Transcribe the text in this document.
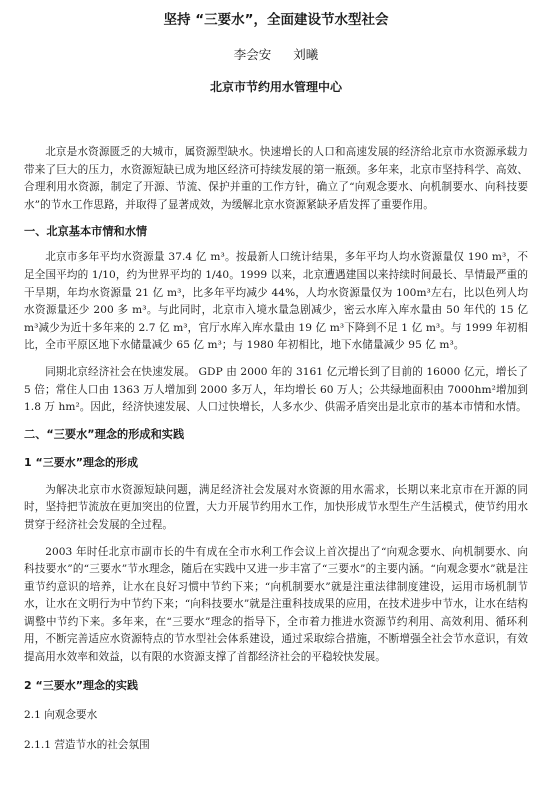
坚持 “三要水”，全面建设节水型社会
李会安 刘曦
北京市节约用水管理中心

北京是水资源匮乏的大城市，属资源型缺水。快速增长的人口和高速发展的经济给北京市水资源承载力带来了巨大的压力，水资源短缺已成为地区经济可持续发展的第一瓶颈。多年来，北京市坚持科学、高效、合理利用水资源，制定了开源、节流、保护并重的工作方针，确立了“向观念要水、向机制要水、向科技要水”的节水工作思路，并取得了显著成效，为缓解北京水资源紧缺矛盾发挥了重要作用。

一、北京基本市情和水情

北京市多年平均水资源量 37.4 亿 m³。按最新人口统计结果，多年平均人均水资源量仅 190 m³，不足全国平均的 1/10，约为世界平均的 1/40。1999 以来，北京遭遇建国以来持续时间最长、旱情最严重的干旱期，年均水资源量 21 亿 m³，比多年平均减少 44%，人均水资源量仅为 100m³左右，比以色列人均水资源量还少 200 多 m³。与此同时，北京市入境水量急剧减少，密云水库入库水量由 50 年代的 15 亿 m³减少为近十多年来的 2.7 亿 m³，官厅水库入库水量由 19 亿 m³下降到不足 1 亿 m³。与 1999 年初相比，全市平原区地下水储量减少 65 亿 m³；与 1980 年初相比，地下水储量减少 95 亿 m³。

同期北京经济社会在快速发展。 GDP 由 2000 年的 3161 亿元增长到了目前的 16000 亿元，增长了 5 倍；常住人口由 1363 万人增加到 2000 多万人，年均增长 60 万人；公共绿地面积由 7000hm²增加到 1.8 万 hm²。因此，经济快速发展、人口过快增长，人多水少、供需矛盾突出是北京市的基本市情和水情。

二、“三要水”理念的形成和实践
1 “三要水”理念的形成

为解决北京市水资源短缺问题，满足经济社会发展对水资源的用水需求，长期以来北京市在开源的同时，坚持把节流放在更加突出的位置，大力开展节约用水工作，加快形成节水型生产生活模式，使节约用水贯穿于经济社会发展的全过程。

2003 年时任北京市副市长的牛有成在全市水利工作会议上首次提出了“向观念要水、向机制要水、向科技要水”的“三要水”节水理念，随后在实践中又进一步丰富了“三要水”的主要内涵。“向观念要水”就是注重节约意识的培养，让水在良好习惯中节约下来；“向机制要水”就是注重法律制度建设，运用市场机制节水，让水在文明行为中节约下来；“向科技要水”就是注重科技成果的应用，在技术进步中节水，让水在结构调整中节约下来。多年来，在“三要水”理念的指导下，全市着力推进水资源节约利用、高效利用、循环利用，不断完善适应水资源特点的节水型社会体系建设，通过采取综合措施，不断增强全社会节水意识，有效提高用水效率和效益，以有限的水资源支撑了首都经济社会的平稳较快发展。

2 “三要水”理念的实践
2.1 向观念要水
2.1.1 营造节水的社会氛围
